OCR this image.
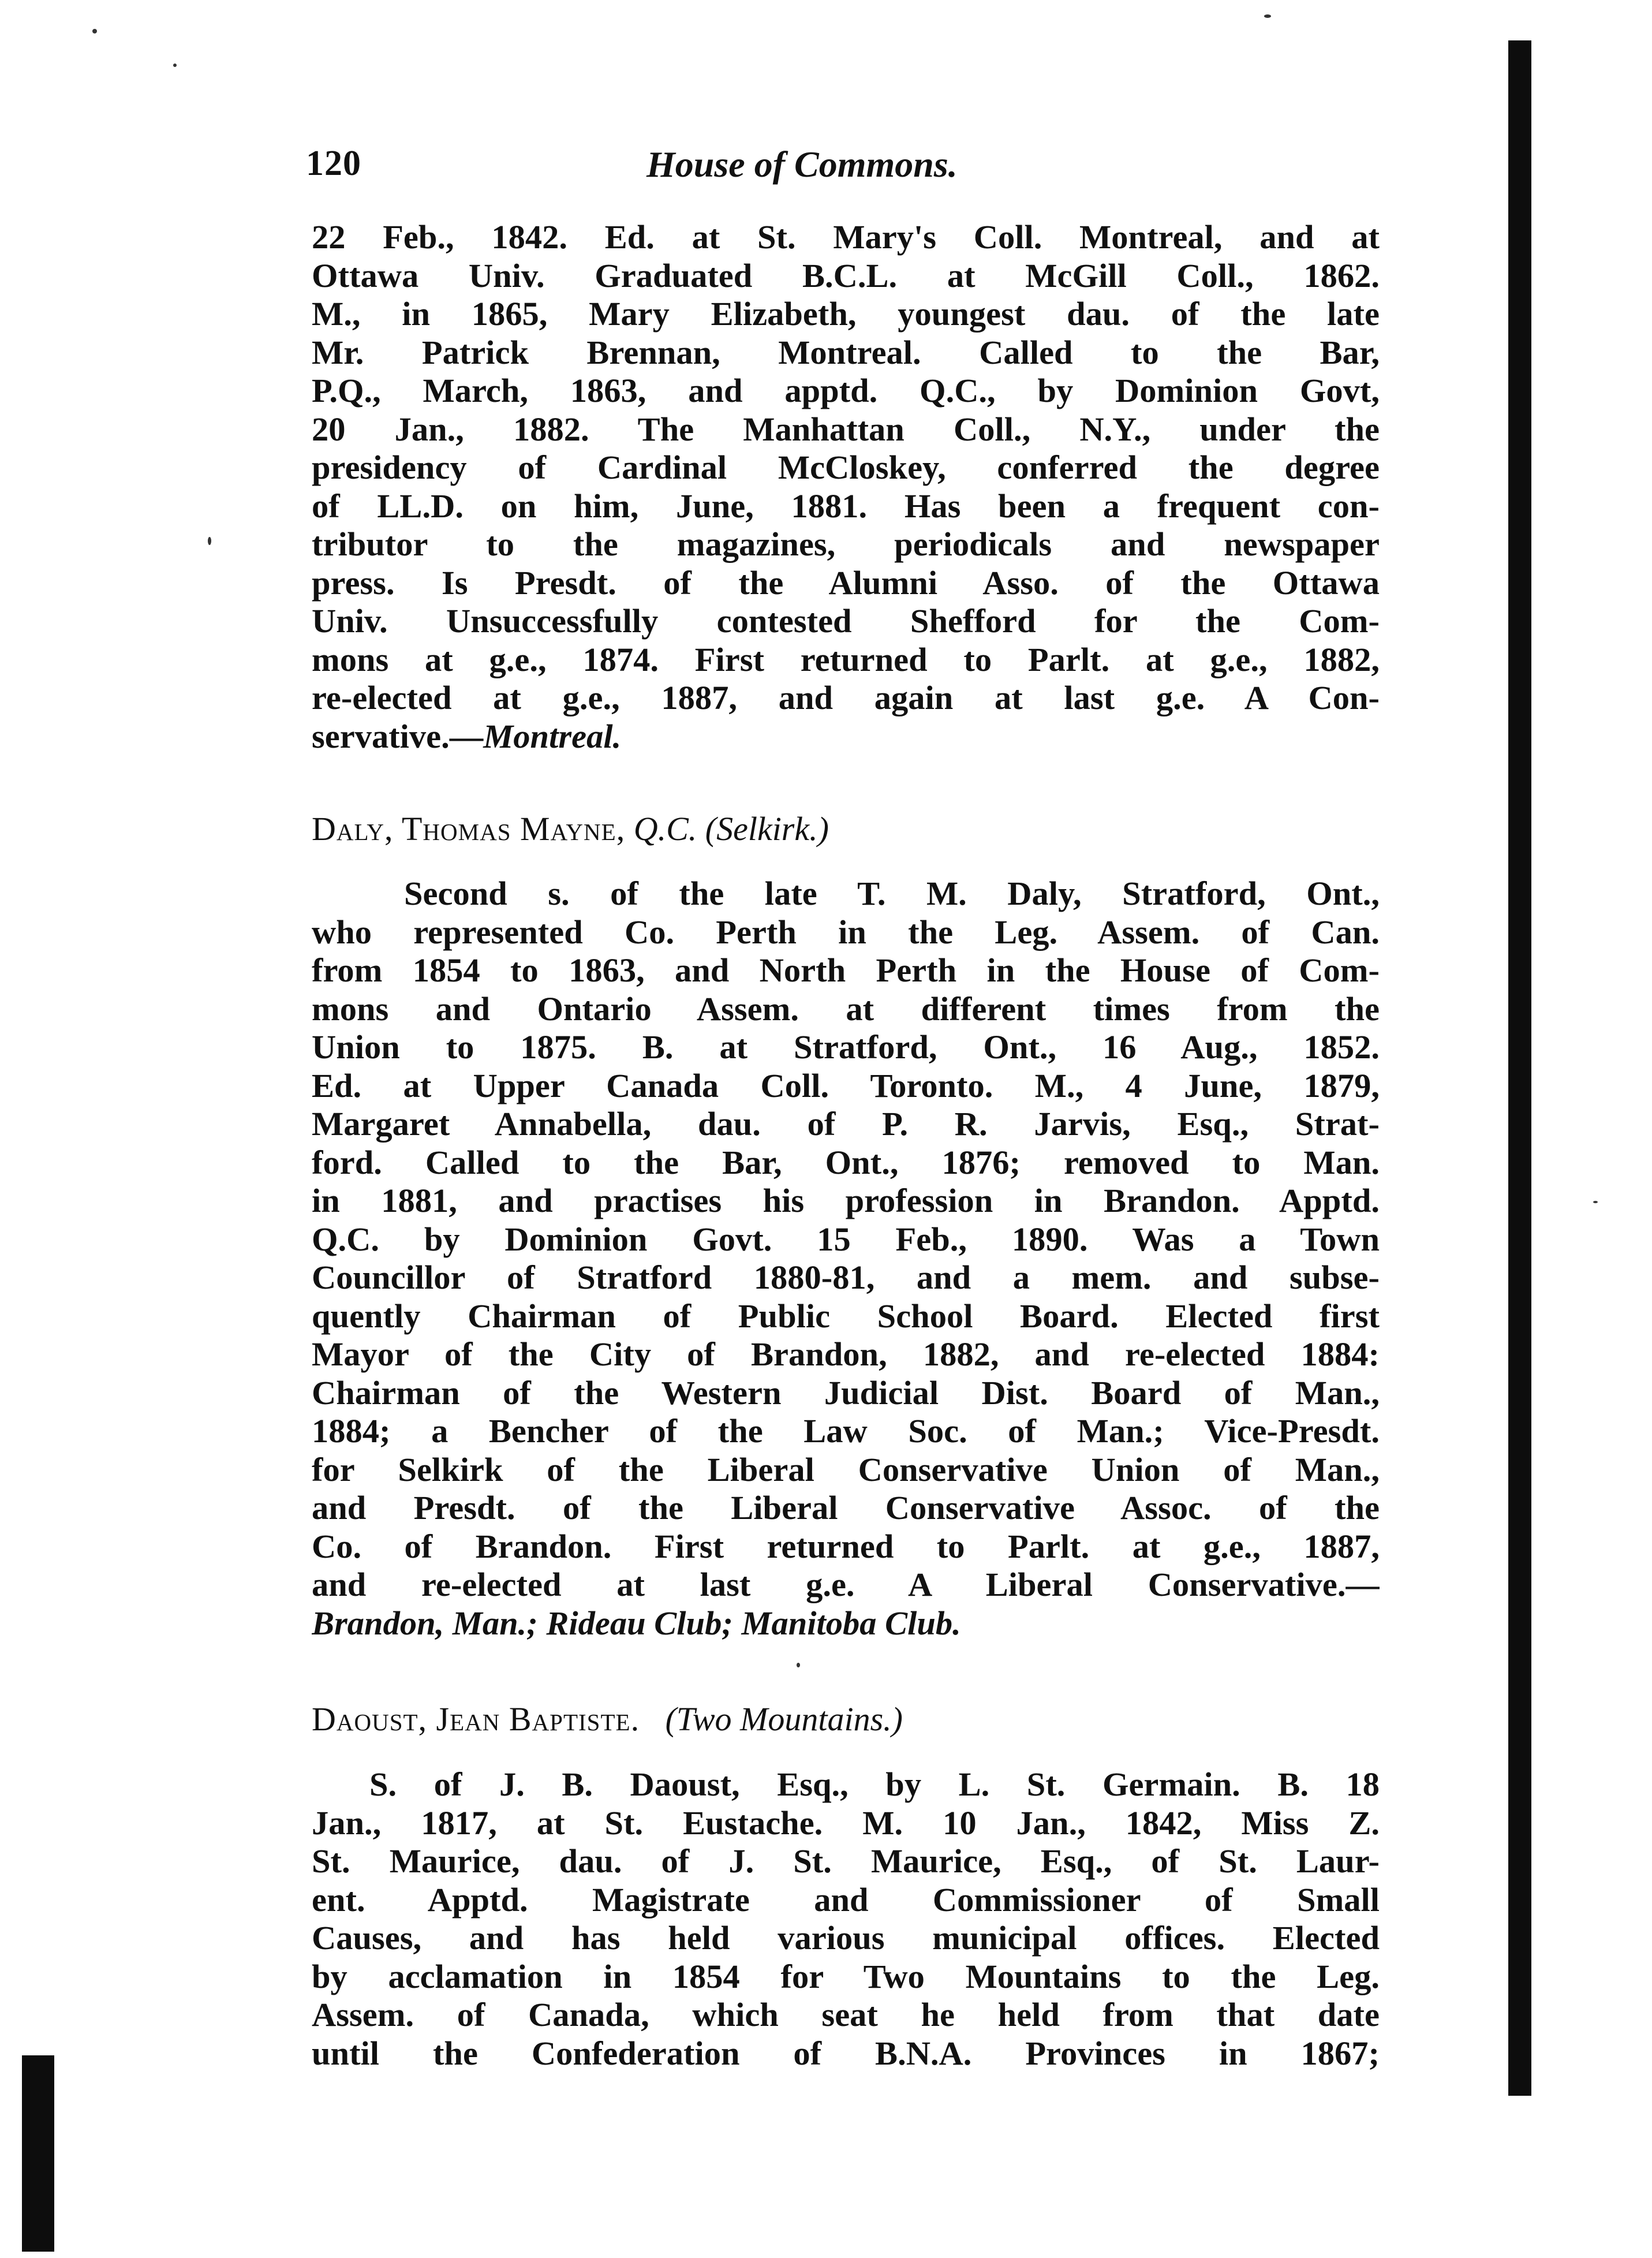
120	House of Commons.
22 Feb., 1842. Ed. at St. Mary's Coll. Montreal, and at
Ottawa Univ. Graduated B.C.L. at McGill Coll., 1862.
M., in 1865, Mary Elizabeth, youngest dau. of the late
Mr. Patrick Brennan, Montreal. Called to the Bar,
P.Q., March, 1863, and apptd. Q.C., by Dominion Govt,
20 Jan., 1882. The Manhattan Coll., N.Y., under the
presidency of Cardinal McCloskey, conferred the degree
of LL.D. on him, June, 1881. Has been a frequent con-
tributor to the magazines, periodicals and newspaper
press. Is Presdt. of the Alumni Asso. of the Ottawa
Univ. Unsuccessfully contested Shefford for the Com-
mons at g.e., 1874. First returned to Parlt. at g.e., 1882,
re-elected at g.e., 1887, and again at last g.e. A Con-
servative.—Montreal.
Daly, Thomas Mayne, Q.C. (Selkirk.)
Second s. of the late T. M. Daly, Stratford, Ont.,
who represented Co. Perth in the Leg. Assem. of Can.
from 1854 to 1863, and North Perth in the House of Com-
mons and Ontario Assem. at different times from the
Union to 1875. B. at Stratford, Ont., 16 Aug., 1852.
Ed. at Upper Canada Coll. Toronto. M., 4 June, 1879,
Margaret Annabella, dau. of P. R. Jarvis, Esq., Strat-
ford. Called to the Bar, Ont., 1876; removed to Man.
in 1881, and practises his profession in Brandon. Apptd.
Q.C. by Dominion Govt. 15 Feb., 1890. Was a Town
Councillor of Stratford 1880-81, and a mem. and subse-
quently Chairman of Public School Board. Elected first
Mayor of the City of Brandon, 1882, and re-elected 1884:
Chairman of the Western Judicial Dist. Board of Man.,
1884; a Bencher of the Law Soc. of Man.; Vice-Presdt.
for Selkirk of the Liberal Conservative Union of Man.,
and Presdt. of the Liberal Conservative Assoc. of the
Co. of Brandon. First returned to Parlt. at g.e., 1887,
and re-elected at last g.e. A Liberal Conservative.—
Brandon, Man.; Rideau Club; Manitoba Club.
Daoust, Jean Baptiste. (Two Mountains.)
S. of J. B. Daoust, Esq., by L. St. Germain. B. 18
Jan., 1817, at St. Eustache. M. 10 Jan., 1842, Miss Z.
St. Maurice, dau. of J. St. Maurice, Esq., of St. Laur-
ent. Apptd. Magistrate and Commissioner of Small
Causes, and has held various municipal offices. Elected
by acclamation in 1854 for Two Mountains to the Leg.
Assem. of Canada, which seat he held from that date
until the Confederation of B.N.A. Provinces in 1867;
